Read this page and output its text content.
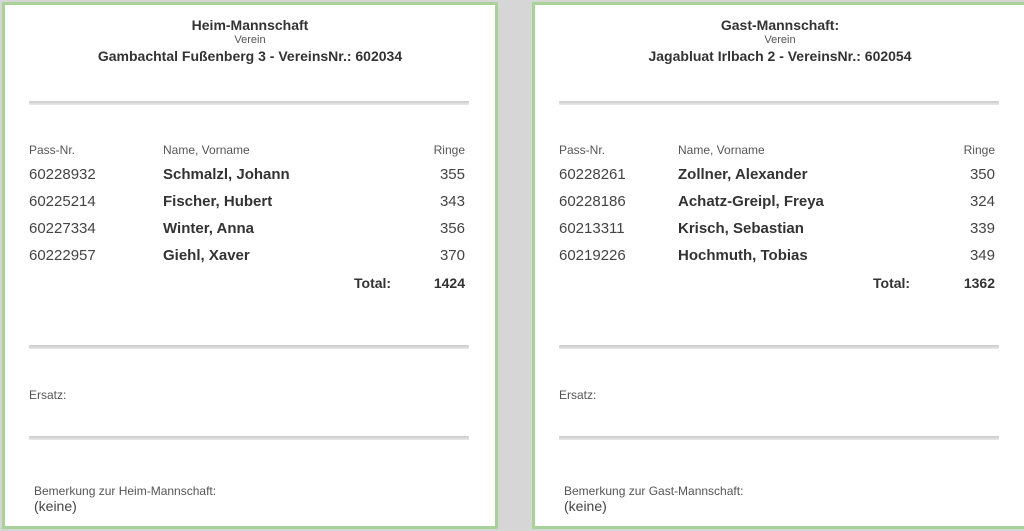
Heim-Mannschaft
Verein
Gambachtal Fußenberg 3 - VereinsNr.: 602034
Pass-Nr.	Name, Vorname	Ringe
60228932	Schmalzl, Johann	355
60225214	Fischer, Hubert	343
60227334	Winter, Anna	356
60222957	Giehl, Xaver	370
Total:	1424
Ersatz:
Bemerkung zur Heim-Mannschaft:
(keine)
Gast-Mannschaft:
Verein
Jagabluat Irlbach 2 - VereinsNr.: 602054
Pass-Nr.	Name, Vorname	Ringe
60228261	Zollner, Alexander	350
60228186	Achatz-Greipl, Freya	324
60213311	Krisch, Sebastian	339
60219226	Hochmuth, Tobias	349
Total:	1362
Ersatz:
Bemerkung zur Gast-Mannschaft:
(keine)
